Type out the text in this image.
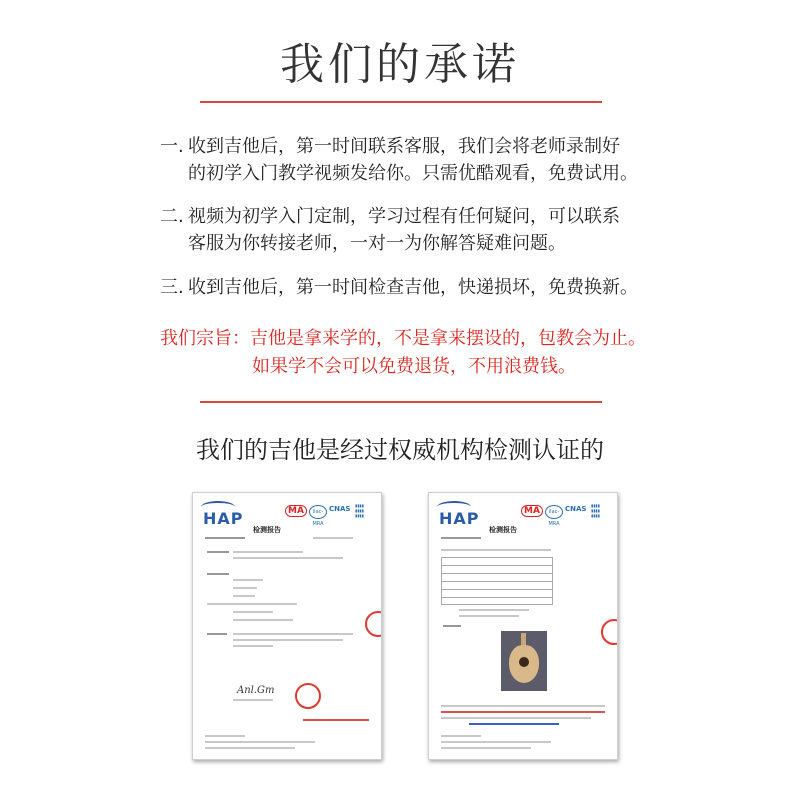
我们的承诺
一. 收到吉他后，第一时间联系客服，我们会将老师录制好
的初学入门教学视频发给你。只需优酷观看，免费试用。
二. 视频为初学入门定制，学习过程有任何疑问，可以联系
客服为你转接老师，一对一为你解答疑难问题。
三. 收到吉他后，第一时间检查吉他，快递损坏，免费换新。
我们宗旨：吉他是拿来学的，不是拿来摆设的，包教会为止。
如果学不会可以免费退货，不用浪费钱。
我们的吉他是经过权威机构检测认证的
HAP	MA	ilac-MRA
CNAS ▮▮▮▮
▮▮▮▮
▮▮▮▮
检测报告
Anl.Gm
HAP	MA	ilac-MRA
CNAS ▮▮▮▮
▮▮▮▮
▮▮▮▮
检测报告
